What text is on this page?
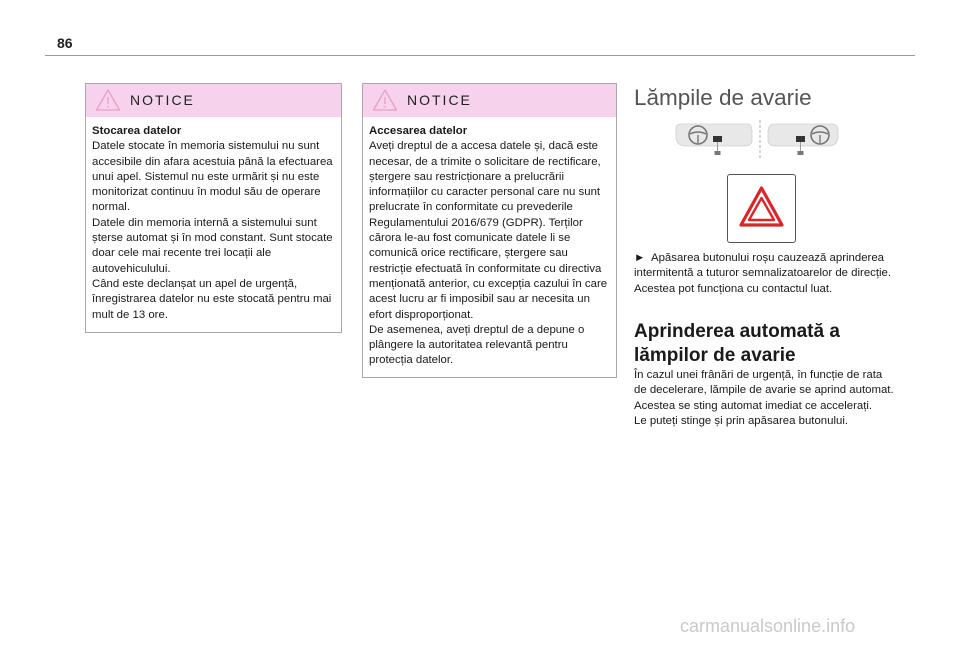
86
NOTICE

Stocarea datelor

Datele stocate în memoria sistemului nu sunt accesibile din afara acestuia până la efectuarea unui apel. Sistemul nu este urmărit și nu este monitorizat continuu în modul său de operare normal.

Datele din memoria internă a sistemului sunt șterse automat și în mod constant. Sunt stocate doar cele mai recente trei locații ale autovehiculului.

Când este declanșat un apel de urgență, înregistrarea datelor nu este stocată pentru mai mult de 13 ore.

NOTICE

Accesarea datelor

Aveți dreptul de a accesa datele și, dacă este necesar, de a trimite o solicitare de rectificare, ștergere sau restricționare a prelucrării informațiilor cu caracter personal care nu sunt prelucrate în conformitate cu prevederile Regulamentului 2016/679 (GDPR). Terților cărora le-au fost comunicate datele li se comunică orice rectificare, ștergere sau restricție efectuată în conformitate cu directiva menționată anterior, cu excepția cazului în care acest lucru ar fi imposibil sau ar necesita un efort disproporționat.

De asemenea, aveți dreptul de a depune o plângere la autoritatea relevantă pentru protecția datelor.

Lămpile de avarie

► Apăsarea butonului roșu cauzează aprinderea intermitentă a tuturor semnalizatoarelor de direcție.

Acestea pot funcționa cu contactul luat.

Aprinderea automată a lămpilor de avarie

În cazul unei frânări de urgență, în funcție de rata de decelerare, lămpile de avarie se aprind automat. Acestea se sting automat imediat ce accelerați.

Le puteți stinge și prin apăsarea butonului.

carmanualsonline.info
